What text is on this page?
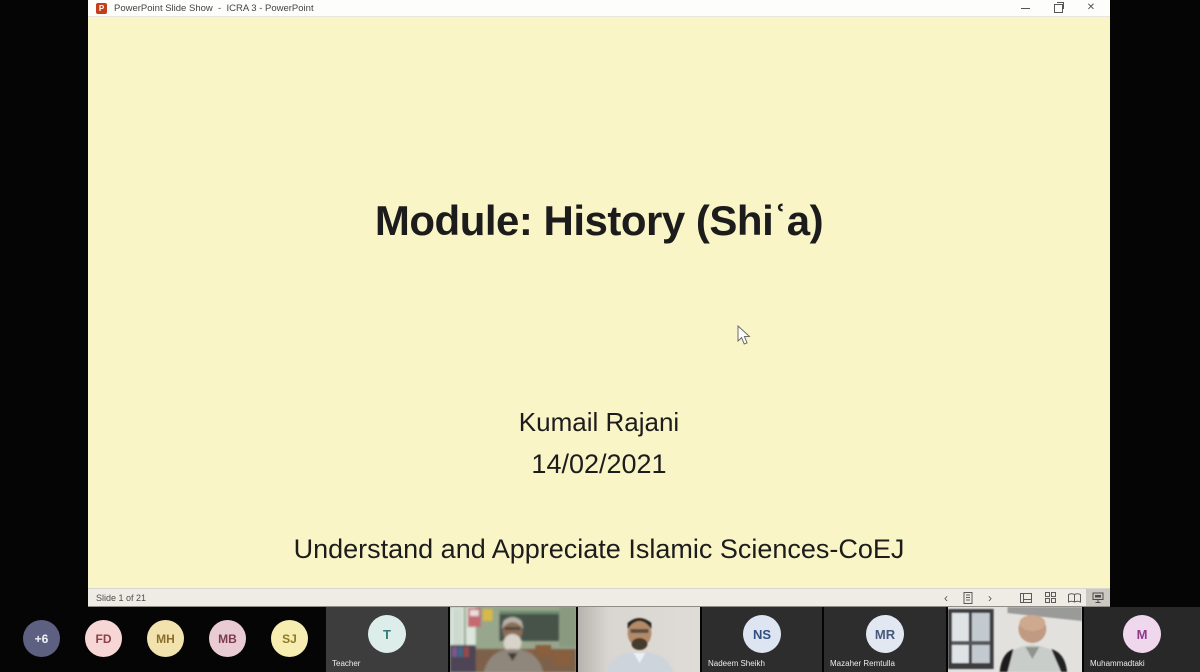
P PowerPoint Slide Show  -  ICRA 3 - PowerPoint	✕
Module: History (Shiʿa)
Kumail Rajani
14/02/2021
Understand and Appreciate Islamic Sciences-CoEJ
Slide 1 of 21	‹	›
+6	FD	MH	MB	SJ	T
Teacher
NS
Nadeem Sheikh
MR
Mazaher Remtulla
M
Muhammadtaki
